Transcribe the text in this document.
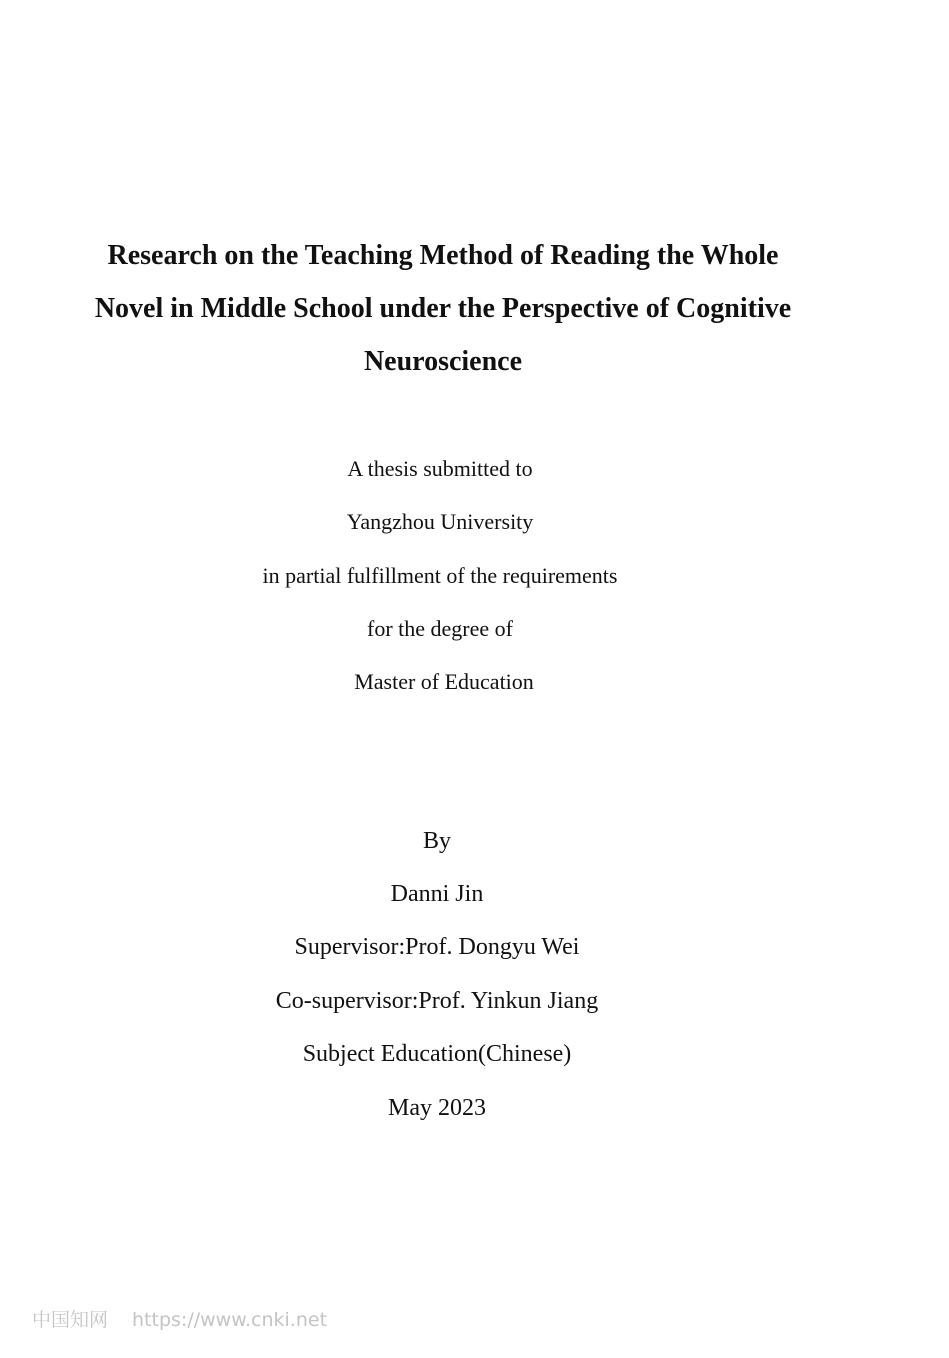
Research on the Teaching Method of Reading the Whole
Novel in Middle School under the Perspective of Cognitive
Neuroscience
A thesis submitted to
Yangzhou University
in partial fulfillment of the requirements
for the degree of
Master of Education
By
Danni Jin
Supervisor:Prof. Dongyu Wei
Co-supervisor:Prof. Yinkun Jiang
Subject Education(Chinese)
May 2023
中国知网 https://www.cnki.net
